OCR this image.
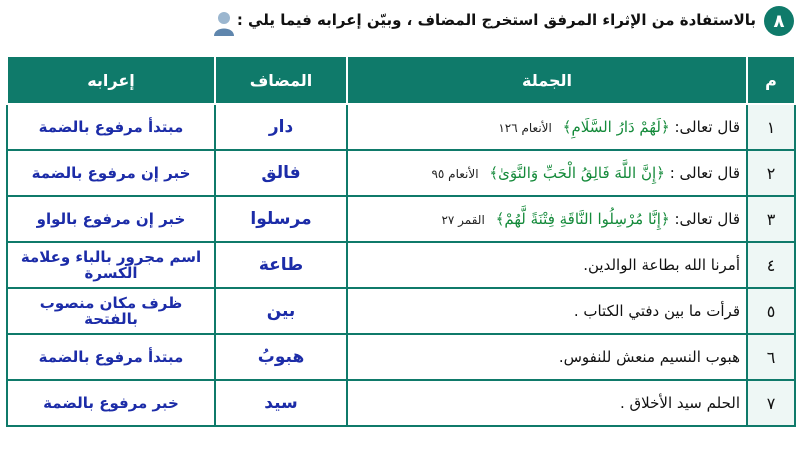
٨
بالاستفادة من الإثراء المرفق استخرج المضاف ، وبيّن إعرابه فيما يلي :
م	الجملة	المضاف	إعرابه
١	قال تعالى: ﴿لَهُمْ دَارُ السَّلَامِ﴾ الأنعام ١٢٦	دار	مبتدأ مرفوع بالضمة
٢	قال تعالى : ﴿إِنَّ اللَّهَ فَالِقُ الْحَبِّ وَالنَّوَىٰ﴾ الأنعام ٩٥	فالق	خبر إن مرفوع بالضمة
٣	قال تعالى: ﴿إِنَّا مُرْسِلُوا النَّاقَةِ فِتْنَةً لَّهُمْ﴾ القمر ٢٧	مرسلوا	خبر إن مرفوع بالواو
٤	أمرنا الله بطاعة الوالدين.	طاعة	اسم مجرور بالباء وعلامة الكسرة
٥	قرأت ما بين دفتي الكتاب .	بين	ظرف مكان منصوب بالفتحة
٦	هبوب النسيم منعش للنفوس.	هبوبُ	مبتدأ مرفوع بالضمة
٧	الحلم سيد الأخلاق .	سيد	خبر مرفوع بالضمة
